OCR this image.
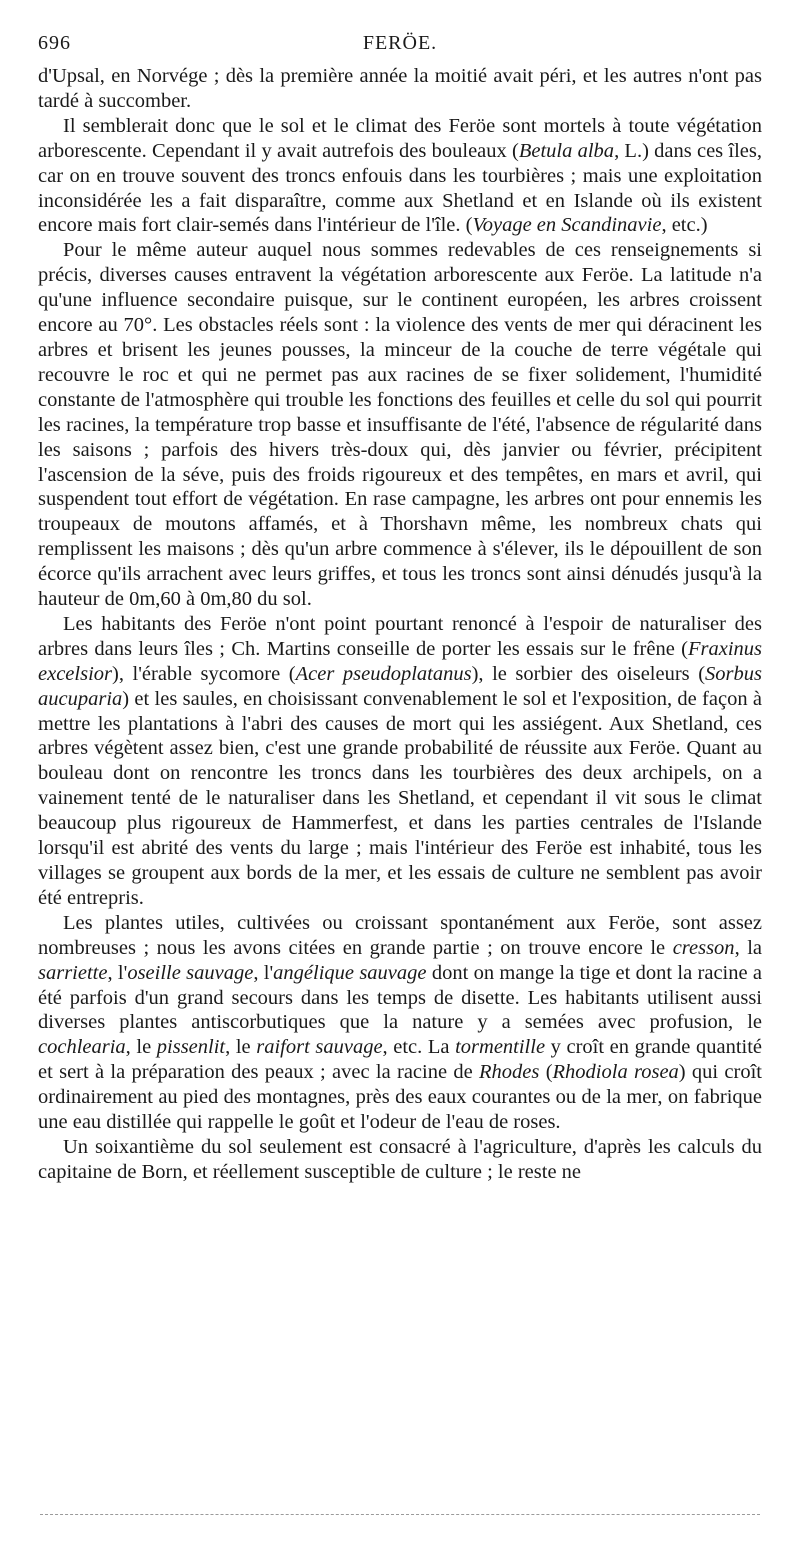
696	FERÖE.

d'Upsal, en Norvége ; dès la première année la moitié avait péri, et les autres n'ont pas tardé à succomber.

Il semblerait donc que le sol et le climat des Feröe sont mortels à toute végétation arborescente. Cependant il y avait autrefois des bouleaux (Betula alba, L.) dans ces îles, car on en trouve souvent des troncs enfouis dans les tourbières ; mais une exploitation inconsidérée les a fait disparaître, comme aux Shetland et en Islande où ils existent encore mais fort clair-semés dans l'intérieur de l'île. (Voyage en Scandinavie, etc.)

Pour le même auteur auquel nous sommes redevables de ces renseignements si précis, diverses causes entravent la végétation arborescente aux Feröe. La latitude n'a qu'une influence secondaire puisque, sur le continent européen, les arbres croissent encore au 70°. Les obstacles réels sont : la violence des vents de mer qui déracinent les arbres et brisent les jeunes pousses, la minceur de la couche de terre végétale qui recouvre le roc et qui ne permet pas aux racines de se fixer solidement, l'humidité constante de l'atmosphère qui trouble les fonctions des feuilles et celle du sol qui pourrit les racines, la température trop basse et insuffisante de l'été, l'absence de régularité dans les saisons ; parfois des hivers très-doux qui, dès janvier ou février, précipitent l'ascension de la séve, puis des froids rigoureux et des tempêtes, en mars et avril, qui suspendent tout effort de végétation. En rase campagne, les arbres ont pour ennemis les troupeaux de moutons affamés, et à Thorshavn même, les nombreux chats qui remplissent les maisons ; dès qu'un arbre commence à s'élever, ils le dépouillent de son écorce qu'ils arrachent avec leurs griffes, et tous les troncs sont ainsi dénudés jusqu'à la hauteur de 0m,60 à 0m,80 du sol.

Les habitants des Feröe n'ont point pourtant renoncé à l'espoir de naturaliser des arbres dans leurs îles ; Ch. Martins conseille de porter les essais sur le frêne (Fraxinus excelsior), l'érable sycomore (Acer pseudoplatanus), le sorbier des oiseleurs (Sorbus aucuparia) et les saules, en choisissant convenablement le sol et l'exposition, de façon à mettre les plantations à l'abri des causes de mort qui les assiégent. Aux Shetland, ces arbres végètent assez bien, c'est une grande probabilité de réussite aux Feröe. Quant au bouleau dont on rencontre les troncs dans les tourbières des deux archipels, on a vainement tenté de le naturaliser dans les Shetland, et cependant il vit sous le climat beaucoup plus rigoureux de Hammerfest, et dans les parties centrales de l'Islande lorsqu'il est abrité des vents du large ; mais l'intérieur des Feröe est inhabité, tous les villages se groupent aux bords de la mer, et les essais de culture ne semblent pas avoir été entrepris.

Les plantes utiles, cultivées ou croissant spontanément aux Feröe, sont assez nombreuses ; nous les avons citées en grande partie ; on trouve encore le cresson, la sarriette, l'oseille sauvage, l'angélique sauvage dont on mange la tige et dont la racine a été parfois d'un grand secours dans les temps de disette. Les habitants utilisent aussi diverses plantes antiscorbutiques que la nature y a semées avec profusion, le cochlearia, le pissenlit, le raifort sauvage, etc. La tormentille y croît en grande quantité et sert à la préparation des peaux ; avec la racine de Rhodes (Rhodiola rosea) qui croît ordinairement au pied des montagnes, près des eaux courantes ou de la mer, on fabrique une eau distillée qui rappelle le goût et l'odeur de l'eau de roses.

Un soixantième du sol seulement est consacré à l'agriculture, d'après les calculs du capitaine de Born, et réellement susceptible de culture ; le reste ne
